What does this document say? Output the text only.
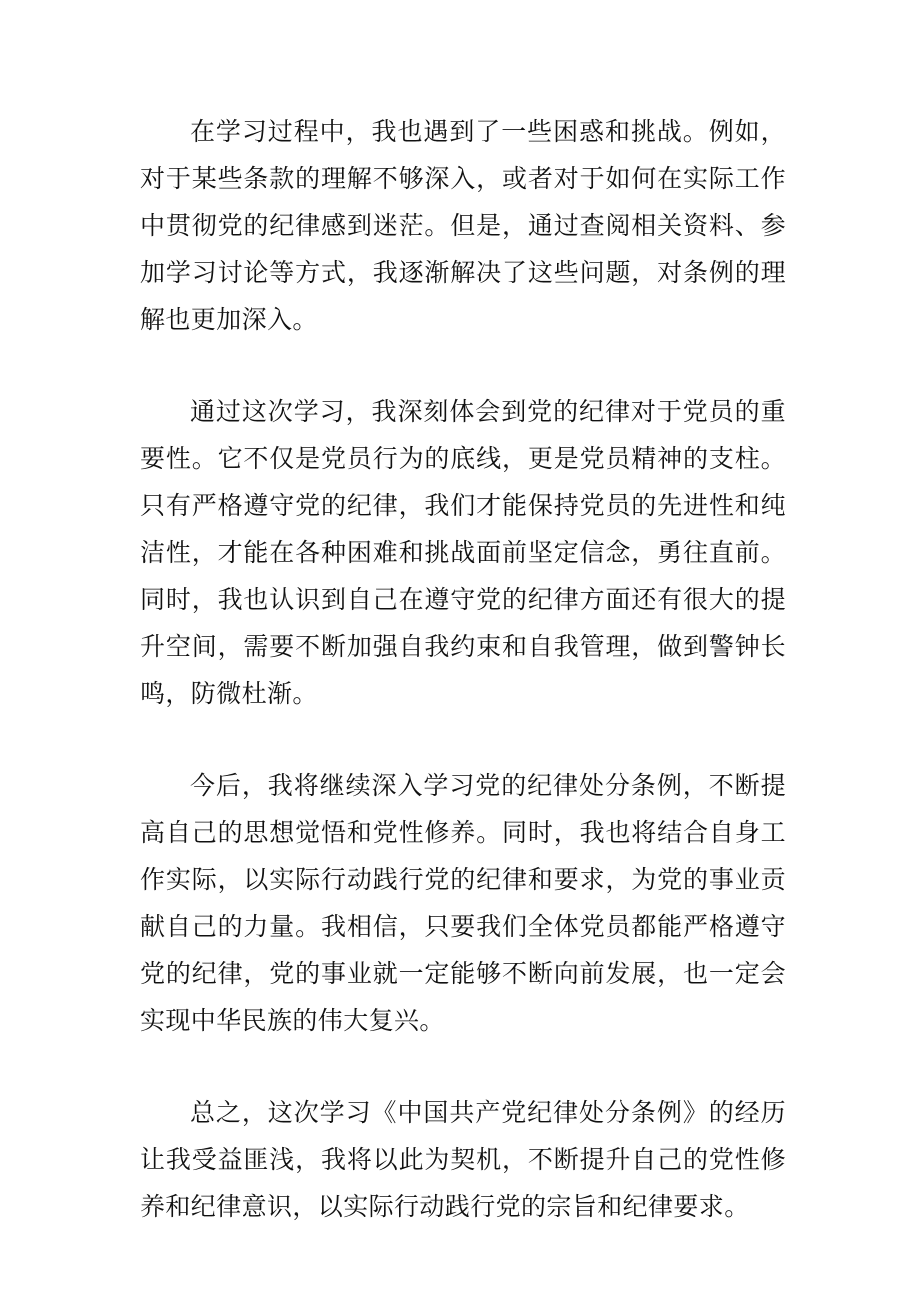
在学习过程中，我也遇到了一些困惑和挑战。例如，对于某些条款的理解不够深入，或者对于如何在实际工作中贯彻党的纪律感到迷茫。但是，通过查阅相关资料、参加学习讨论等方式，我逐渐解决了这些问题，对条例的理解也更加深入。

通过这次学习，我深刻体会到党的纪律对于党员的重要性。它不仅是党员行为的底线，更是党员精神的支柱。只有严格遵守党的纪律，我们才能保持党员的先进性和纯洁性，才能在各种困难和挑战面前坚定信念，勇往直前。同时，我也认识到自己在遵守党的纪律方面还有很大的提升空间，需要不断加强自我约束和自我管理，做到警钟长鸣，防微杜渐。

今后，我将继续深入学习党的纪律处分条例，不断提高自己的思想觉悟和党性修养。同时，我也将结合自身工作实际，以实际行动践行党的纪律和要求，为党的事业贡献自己的力量。我相信，只要我们全体党员都能严格遵守党的纪律，党的事业就一定能够不断向前发展，也一定会实现中华民族的伟大复兴。

总之，这次学习《中国共产党纪律处分条例》的经历让我受益匪浅，我将以此为契机，不断提升自己的党性修养和纪律意识，以实际行动践行党的宗旨和纪律要求。
